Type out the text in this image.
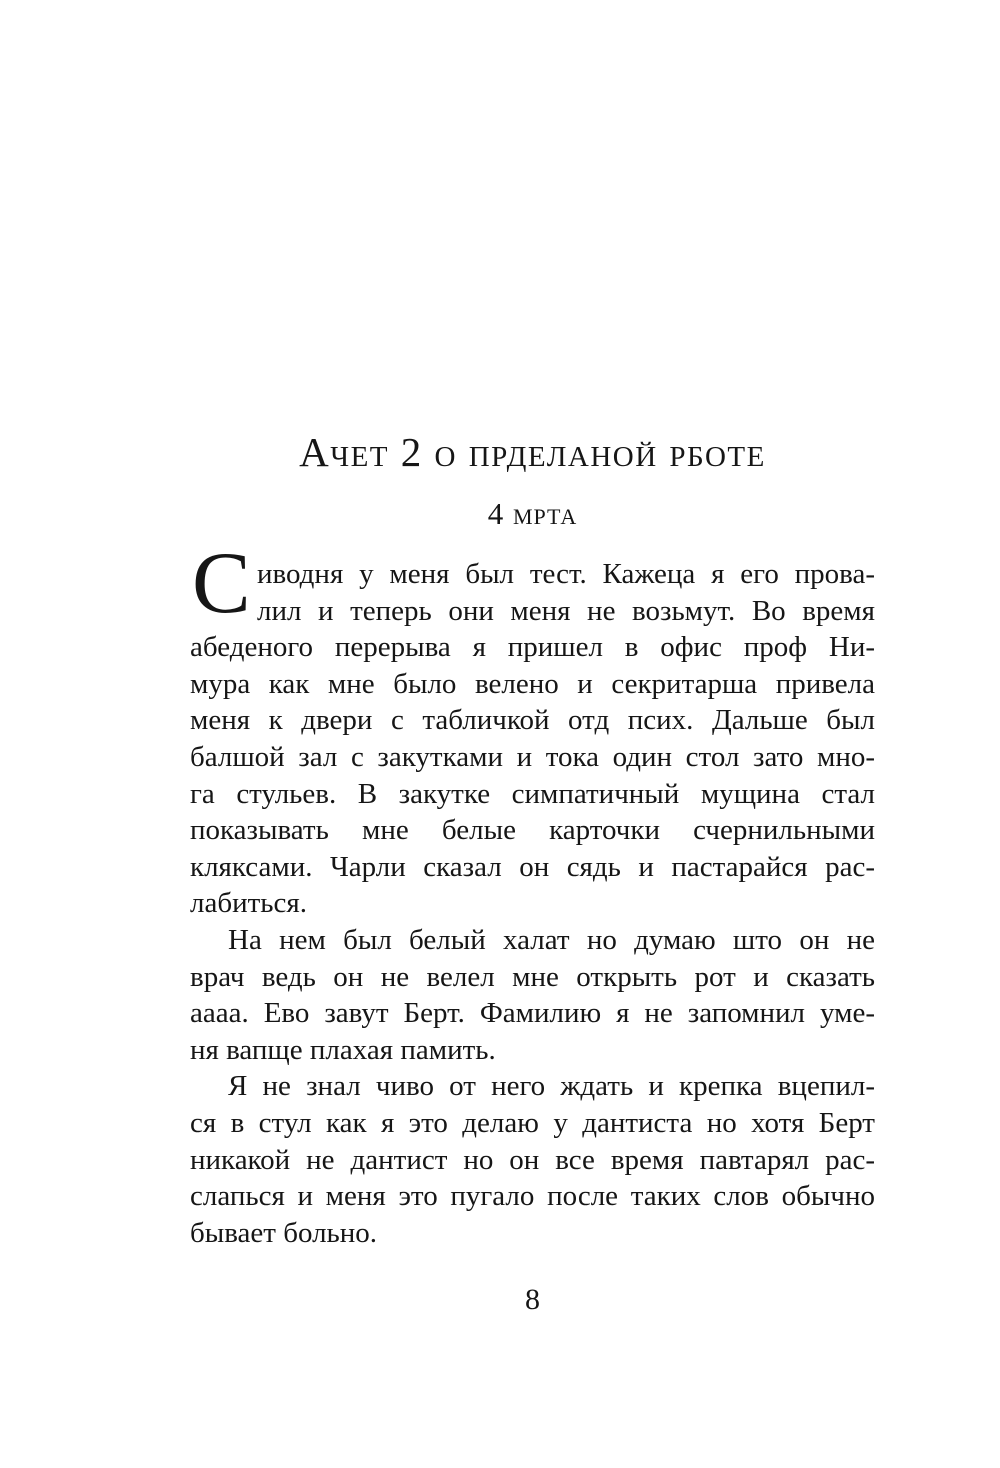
Ачет 2 о прделаной рботе
4 мрта
С иводня у меня был тест. Кажеца я его прова-
лил и теперь они меня не возьмут. Во время
абеденого перерыва я пришел в офис проф Ни-
мура как мне было велено и секритарша привела
меня к двери с табличкой отд псих. Дальше был
балшой зал с закутками и тока один стол зато мно-
га стульев. В закутке симпатичный мущина стал
показывать мне белые карточки счернильными
кляксами. Чарли сказал он сядь и пастарайся рас-
лабиться.
На нем был белый халат но думаю што он не
врач ведь он не велел мне открыть рот и сказать
аааа. Ево завут Берт. Фамилию я не запомнил уме-
ня вапще плахая памить.
Я не знал чиво от него ждать и крепка вцепил-
ся в стул как я это делаю у дантиста но хотя Берт
никакой не дантист но он все время павтарял рас-
слапься и меня это пугало после таких слов обычно
бывает больно.
8
